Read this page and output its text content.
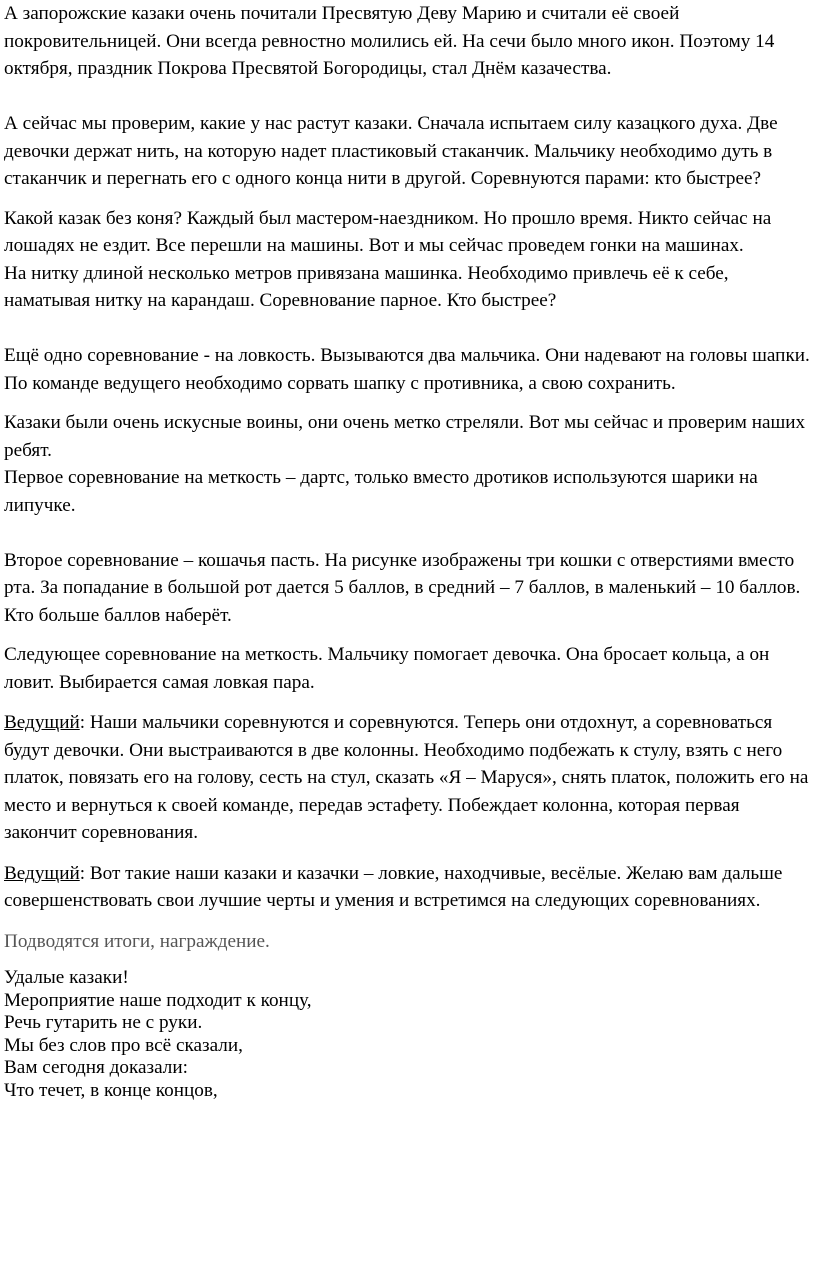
А запорожские казаки очень почитали Пресвятую Деву Марию и считали её своей покровительницей. Они всегда ревностно молились ей. На сечи было много икон. Поэтому 14 октября, праздник Покрова Пресвятой Богородицы, стал Днём казачества.

А сейчас мы проверим, какие у нас растут казаки. Сначала испытаем силу казацкого духа. Две девочки держат нить, на которую надет пластиковый стаканчик. Мальчику необходимо дуть в стаканчик и перегнать его с одного конца нити в другой. Соревнуются парами: кто быстрее?

Какой казак без коня? Каждый был мастером-наездником. Но прошло время. Никто сейчас на лошадях не ездит. Все перешли на машины. Вот и мы сейчас проведем гонки на машинах.

На нитку длиной несколько метров привязана машинка. Необходимо привлечь её к себе, наматывая нитку на карандаш. Соревнование парное. Кто быстрее?

Ещё одно соревнование - на ловкость. Вызываются два мальчика. Они надевают на головы шапки. По команде ведущего необходимо сорвать шапку с противника, а свою сохранить.

Казаки были очень искусные воины, они очень метко стреляли. Вот мы сейчас и проверим наших ребят.

Первое соревнование на меткость – дартс, только вместо дротиков используются шарики на липучке.

Второе соревнование – кошачья пасть. На рисунке изображены три кошки с отверстиями вместо рта. За попадание в большой рот дается 5 баллов, в средний – 7 баллов, в маленький – 10 баллов. Кто больше баллов наберёт.

Следующее соревнование на меткость. Мальчику помогает девочка. Она бросает кольца, а он ловит. Выбирается самая ловкая пара.

Ведущий: Наши мальчики соревнуются и соревнуются. Теперь они отдохнут, а соревноваться будут девочки. Они выстраиваются в две колонны. Необходимо подбежать к стулу, взять с него платок, повязать его на голову, сесть на стул, сказать «Я – Маруся», снять платок, положить его на место и вернуться к своей команде, передав эстафету. Побеждает колонна, которая первая закончит соревнования.

Ведущий: Вот такие наши казаки и казачки – ловкие, находчивые, весёлые. Желаю вам дальше совершенствовать свои лучшие черты и умения и встретимся на следующих соревнованиях.

Подводятся итоги, награждение.

Удалые казаки!
Мероприятие наше подходит к концу,
Речь гутарить не с руки.
Мы без слов про всё сказали,
Вам сегодня доказали:
Что течет, в конце концов,
